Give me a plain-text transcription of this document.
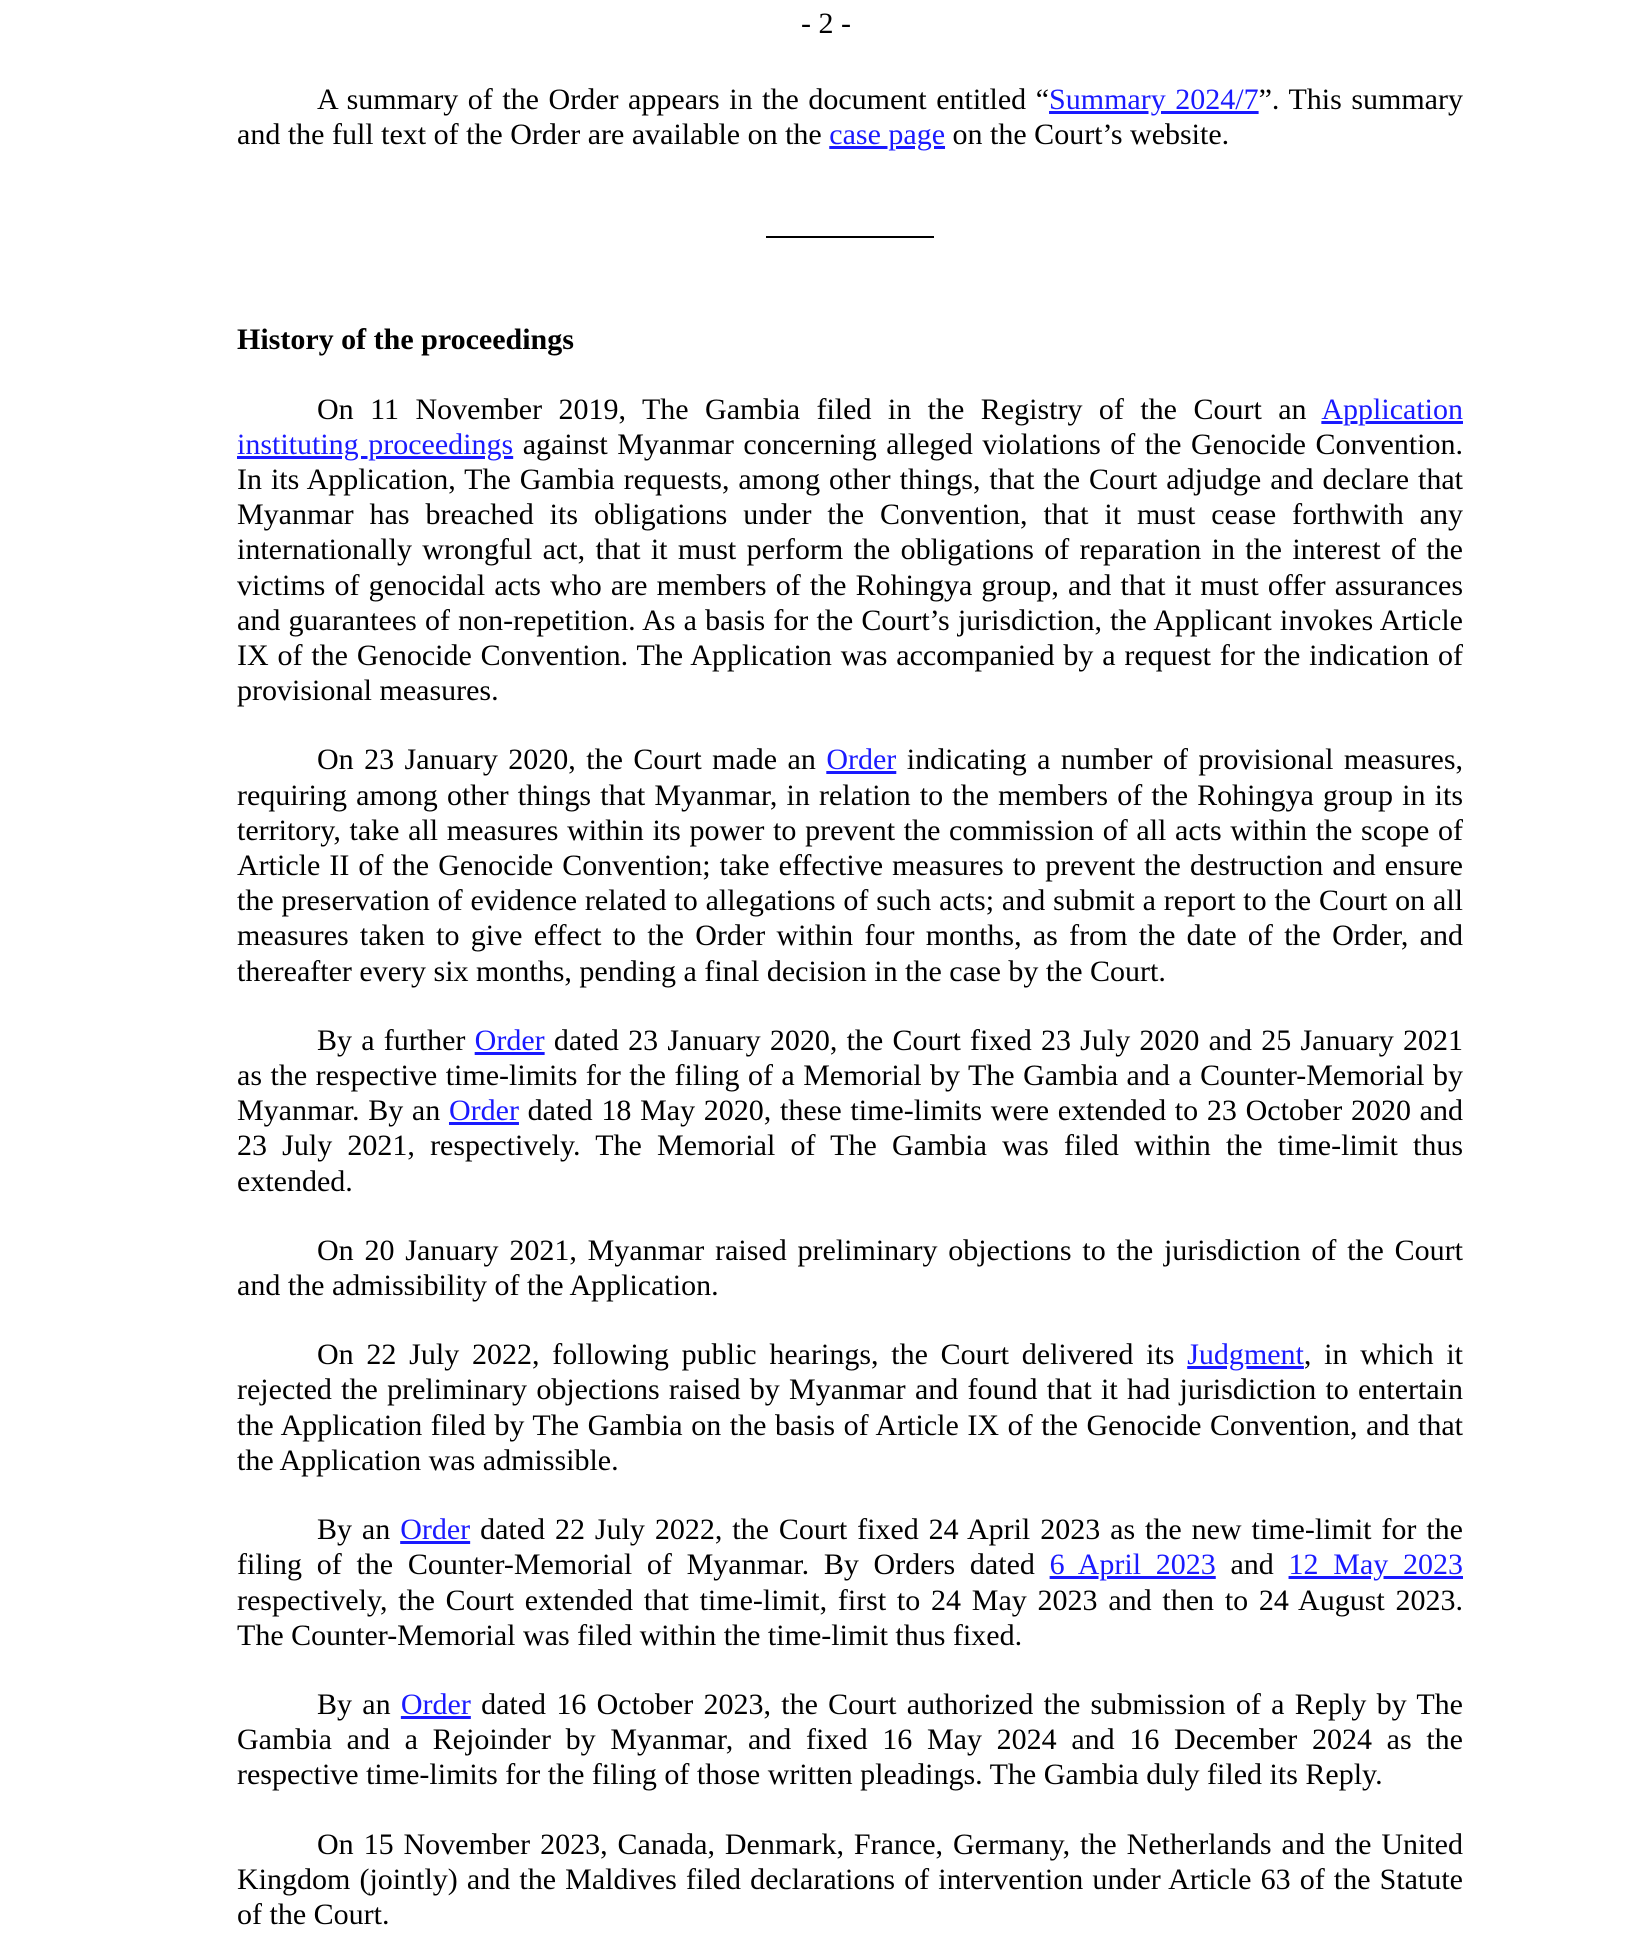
- 2 -

A summary of the Order appears in the document entitled “Summary 2024/7”. This summary and the full text of the Order are available on the case page on the Court’s website.

History of the proceedings

On 11 November 2019, The Gambia filed in the Registry of the Court an Application instituting proceedings against Myanmar concerning alleged violations of the Genocide Convention. In its Application, The Gambia requests, among other things, that the Court adjudge and declare that Myanmar has breached its obligations under the Convention, that it must cease forthwith any internationally wrongful act, that it must perform the obligations of reparation in the interest of the victims of genocidal acts who are members of the Rohingya group, and that it must offer assurances and guarantees of non-repetition. As a basis for the Court’s jurisdiction, the Applicant invokes Article IX of the Genocide Convention. The Application was accompanied by a request for the indication of provisional measures.

On 23 January 2020, the Court made an Order indicating a number of provisional measures, requiring among other things that Myanmar, in relation to the members of the Rohingya group in its territory, take all measures within its power to prevent the commission of all acts within the scope of Article II of the Genocide Convention; take effective measures to prevent the destruction and ensure the preservation of evidence related to allegations of such acts; and submit a report to the Court on all measures taken to give effect to the Order within four months, as from the date of the Order, and thereafter every six months, pending a final decision in the case by the Court.

By a further Order dated 23 January 2020, the Court fixed 23 July 2020 and 25 January 2021 as the respective time-limits for the filing of a Memorial by The Gambia and a Counter-Memorial by Myanmar. By an Order dated 18 May 2020, these time-limits were extended to 23 October 2020 and 23 July 2021, respectively. The Memorial of The Gambia was filed within the time-limit thus extended.

On 20 January 2021, Myanmar raised preliminary objections to the jurisdiction of the Court and the admissibility of the Application.

On 22 July 2022, following public hearings, the Court delivered its Judgment, in which it rejected the preliminary objections raised by Myanmar and found that it had jurisdiction to entertain the Application filed by The Gambia on the basis of Article IX of the Genocide Convention, and that the Application was admissible.

By an Order dated 22 July 2022, the Court fixed 24 April 2023 as the new time-limit for the filing of the Counter-Memorial of Myanmar. By Orders dated 6 April 2023 and 12 May 2023 respectively, the Court extended that time-limit, first to 24 May 2023 and then to 24 August 2023. The Counter-Memorial was filed within the time-limit thus fixed.

By an Order dated 16 October 2023, the Court authorized the submission of a Reply by The Gambia and a Rejoinder by Myanmar, and fixed 16 May 2024 and 16 December 2024 as the respective time-limits for the filing of those written pleadings. The Gambia duly filed its Reply.

On 15 November 2023, Canada, Denmark, France, Germany, the Netherlands and the United Kingdom (jointly) and the Maldives filed declarations of intervention under Article 63 of the Statute of the Court.
